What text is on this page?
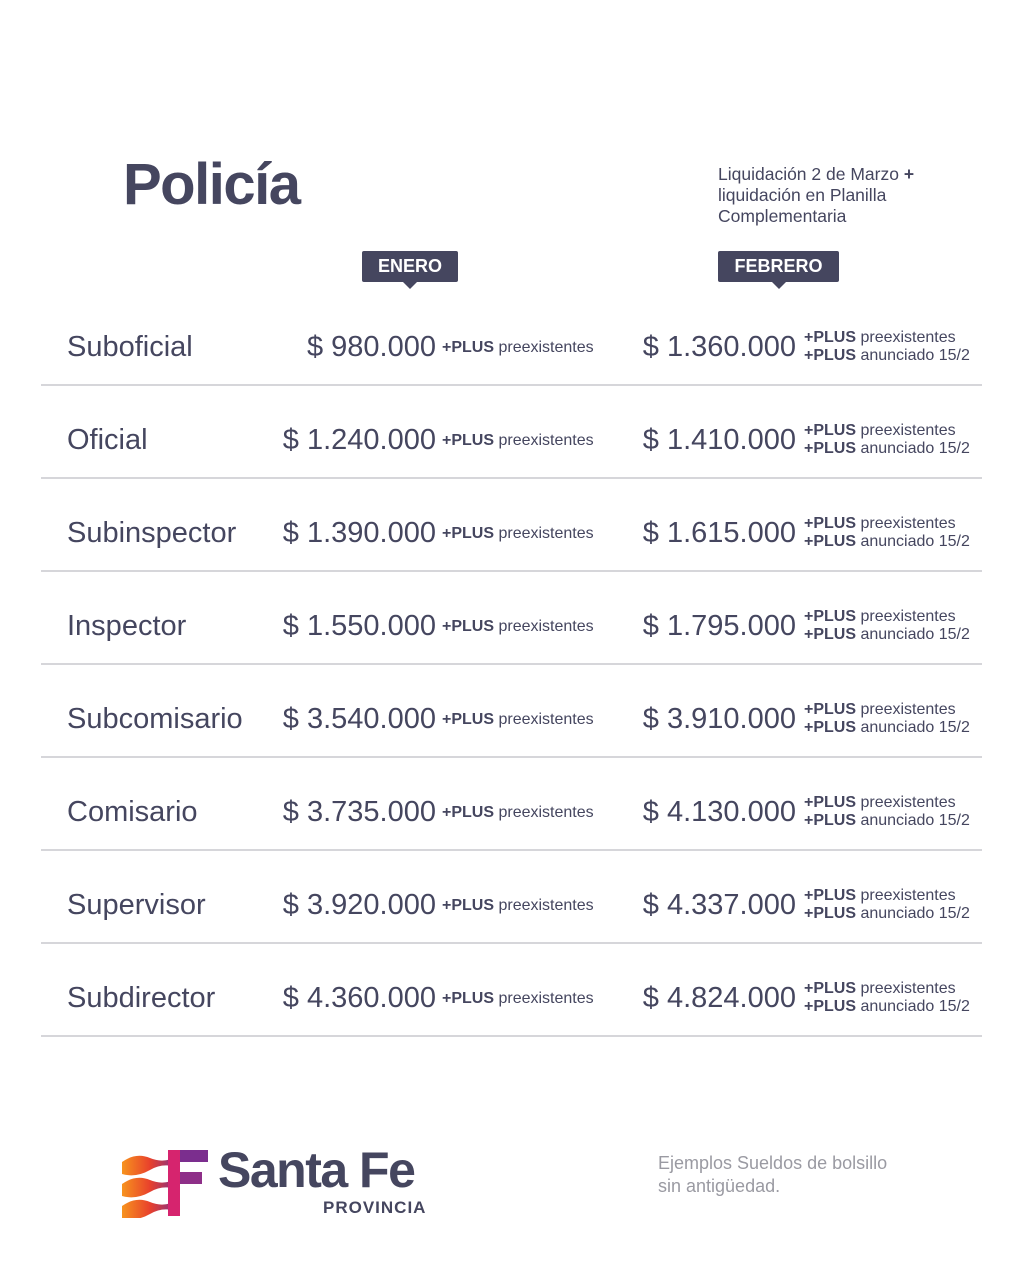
Policía	Liquidación 2 de Marzo +
liquidación en Planilla
Complementaria
ENERO	FEBRERO
Suboficial	$ 980.000 +PLUS preexistentes $ 1.360.000 +PLUS preexistentes
+PLUS anunciado 15/2
Oficial	$ 1.240.000 +PLUS preexistentes $ 1.410.000 +PLUS preexistentes
+PLUS anunciado 15/2
Subinspector $ 1.390.000 +PLUS preexistentes $ 1.615.000 +PLUS preexistentes
+PLUS anunciado 15/2
Inspector	$ 1.550.000 +PLUS preexistentes $ 1.795.000 +PLUS preexistentes
+PLUS anunciado 15/2
Subcomisario $ 3.540.000 +PLUS preexistentes $ 3.910.000 +PLUS preexistentes
+PLUS anunciado 15/2
Comisario	$ 3.735.000 +PLUS preexistentes $ 4.130.000 +PLUS preexistentes
+PLUS anunciado 15/2
Supervisor	$ 3.920.000 +PLUS preexistentes $ 4.337.000 +PLUS preexistentes
+PLUS anunciado 15/2
Subdirector $ 4.360.000 +PLUS preexistentes $ 4.824.000 +PLUS preexistentes
+PLUS anunciado 15/2
Santa Fe
PROVINCIA
Ejemplos Sueldos de bolsillo
sin antigüedad.
